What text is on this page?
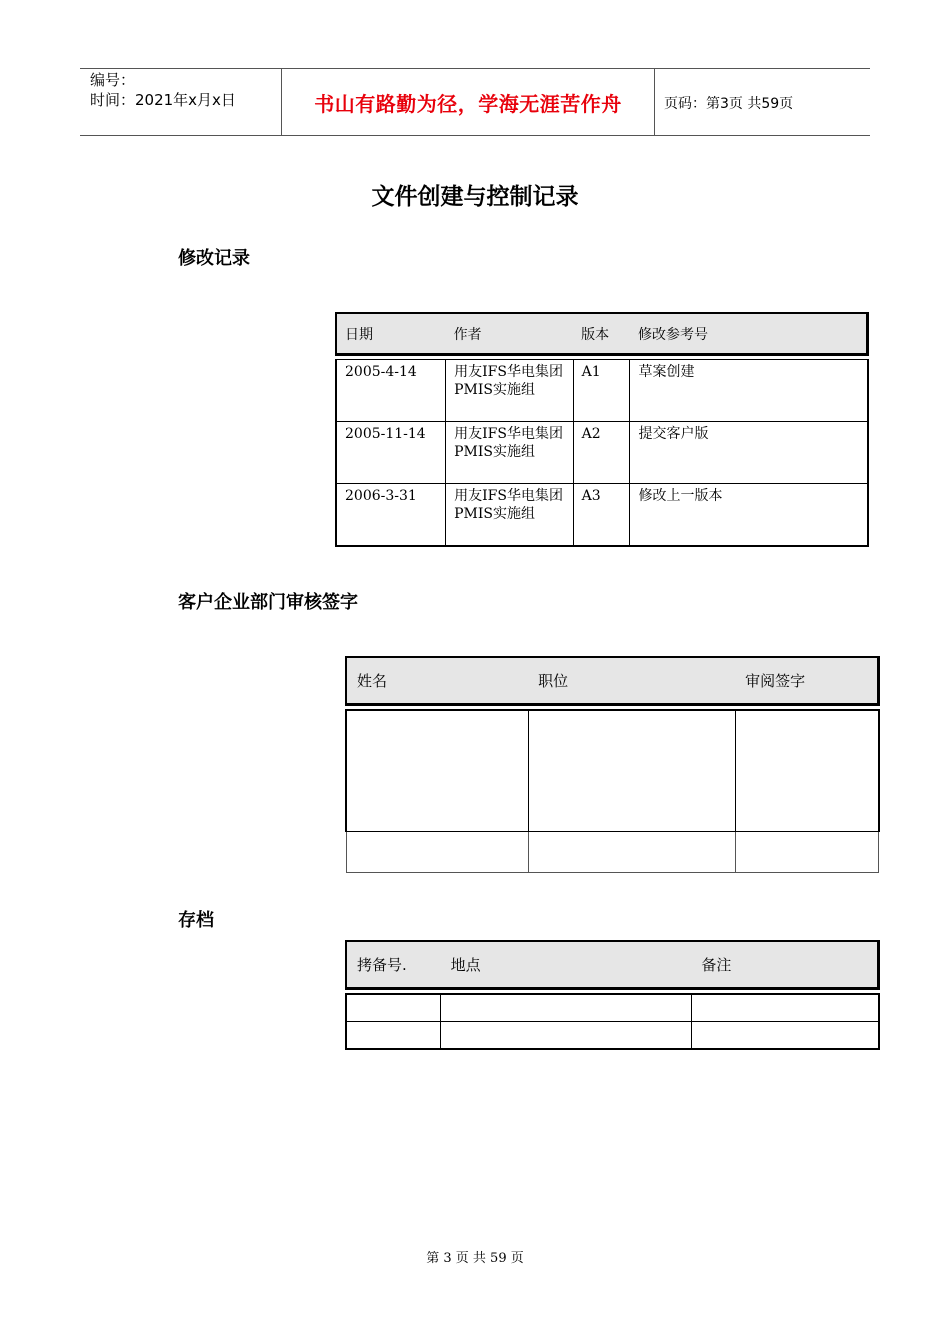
编号：
时间：2021年x月x日	书山有路勤为径，学海无涯苦作舟	页码：第3页 共59页
文件创建与控制记录
修改记录
日期	作者	版本	修改参考号

2005-4-14	用友IFS华电集团PMIS实施组	A1	草案创建
2005-11-14	用友IFS华电集团PMIS实施组	A2	提交客户版
2006-3-31	用友IFS华电集团PMIS实施组	A3	修改上一版本
客户企业部门审核签字
姓名	职位	审阅签字

存档
拷备号.	地点	备注

第 3 页 共 59 页
